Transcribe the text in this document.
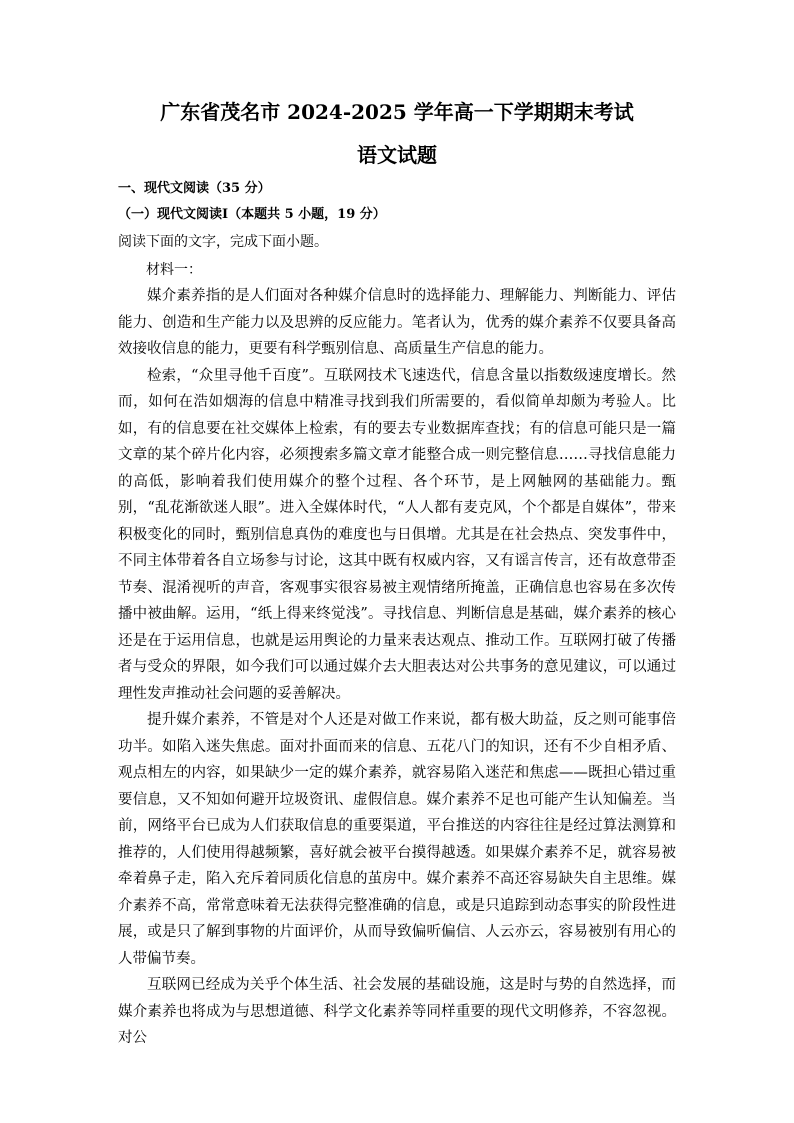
广东省茂名市 2024-2025 学年高一下学期期末考试
语文试题
一、现代文阅读（35 分）
（一）现代文阅读Ⅰ（本题共 5 小题，19 分）
阅读下面的文字，完成下面小题。
材料一：

媒介素养指的是人们面对各种媒介信息时的选择能力、理解能力、判断能力、评估能力、创造和生产能力以及思辨的反应能力。笔者认为，优秀的媒介素养不仅要具备高效接收信息的能力，更要有科学甄别信息、高质量生产信息的能力。

检索，“众里寻他千百度”。互联网技术飞速迭代，信息含量以指数级速度增长。然而，如何在浩如烟海的信息中精准寻找到我们所需要的，看似简单却颇为考验人。比如，有的信息要在社交媒体上检索，有的要去专业数据库查找；有的信息可能只是一篇文章的某个碎片化内容，必须搜索多篇文章才能整合成一则完整信息……寻找信息能力的高低，影响着我们使用媒介的整个过程、各个环节，是上网触网的基础能力。甄别，“乱花渐欲迷人眼”。进入全媒体时代，“人人都有麦克风，个个都是自媒体”，带来积极变化的同时，甄别信息真伪的难度也与日俱增。尤其是在社会热点、突发事件中，不同主体带着各自立场参与讨论，这其中既有权威内容，又有谣言传言，还有故意带歪节奏、混淆视听的声音，客观事实很容易被主观情绪所掩盖，正确信息也容易在多次传播中被曲解。运用，“纸上得来终觉浅”。寻找信息、判断信息是基础，媒介素养的核心还是在于运用信息，也就是运用舆论的力量来表达观点、推动工作。互联网打破了传播者与受众的界限，如今我们可以通过媒介去大胆表达对公共事务的意见建议，可以通过理性发声推动社会问题的妥善解决。

提升媒介素养，不管是对个人还是对做工作来说，都有极大助益，反之则可能事倍功半。如陷入迷失焦虑。面对扑面而来的信息、五花八门的知识，还有不少自相矛盾、观点相左的内容，如果缺少一定的媒介素养，就容易陷入迷茫和焦虑——既担心错过重要信息，又不知如何避开垃圾资讯、虚假信息。媒介素养不足也可能产生认知偏差。当前，网络平台已成为人们获取信息的重要渠道，平台推送的内容往往是经过算法测算和推荐的，人们使用得越频繁，喜好就会被平台摸得越透。如果媒介素养不足，就容易被牵着鼻子走，陷入充斥着同质化信息的茧房中。媒介素养不高还容易缺失自主思维。媒介素养不高，常常意味着无法获得完整准确的信息，或是只追踪到动态事实的阶段性进展，或是只了解到事物的片面评价，从而导致偏听偏信、人云亦云，容易被别有用心的人带偏节奏。

互联网已经成为关乎个体生活、社会发展的基础设施，这是时与势的自然选择，而媒介素养也将成为与思想道德、科学文化素养等同样重要的现代文明修养，不容忽视。对公
